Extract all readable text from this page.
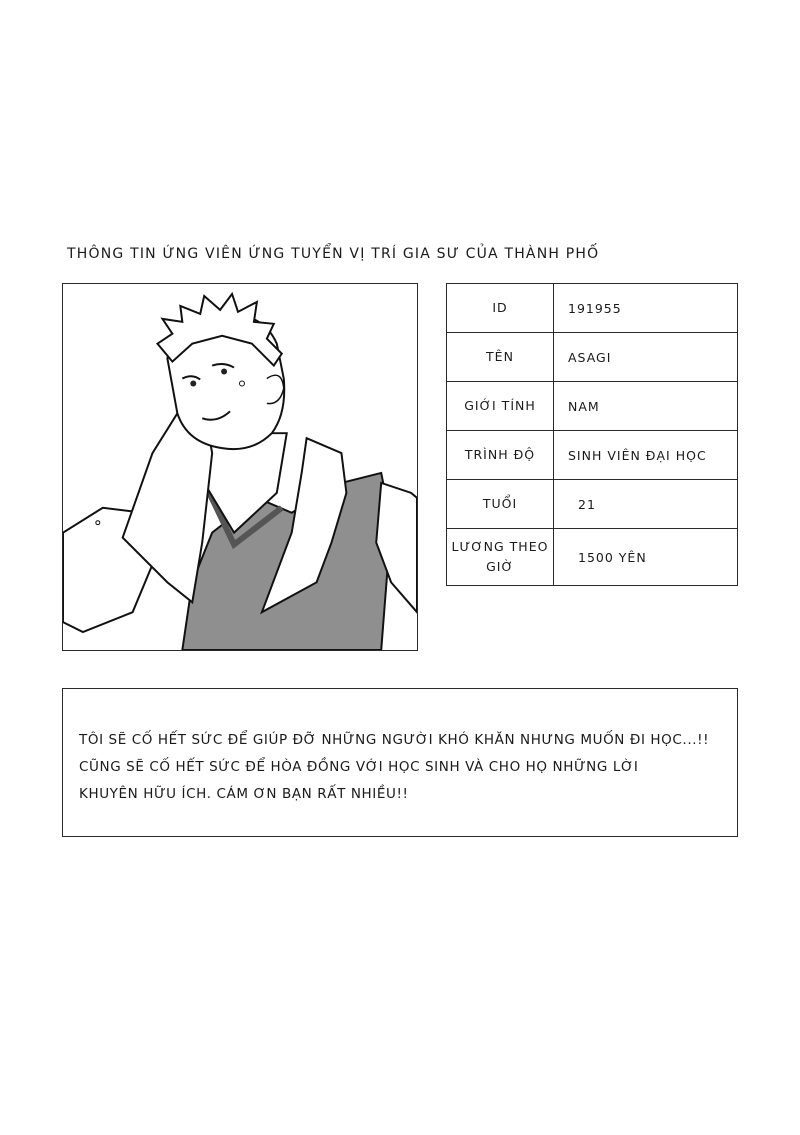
THÔNG TIN ỨNG VIÊN ỨNG TUYỂN VỊ TRÍ GIA SƯ CỦA THÀNH PHỐ
ID	191955
TÊN	ASAGI
GIỚI TÍNH	NAM
TRÌNH ĐỘ	SINH VIÊN ĐẠI HỌC
TUỔI	21
LƯƠNG THEO GIỜ	1500 YÊN
TÔI SẼ CỐ HẾT SỨC ĐỂ GIÚP ĐỠ NHỮNG NGƯỜI KHÓ KHĂN NHƯNG MUỐN ĐI HỌC...!!
CŨNG SẼ CỐ HẾT SỨC ĐỂ HÒA ĐỒNG VỚI HỌC SINH VÀ CHO HỌ NHỮNG LỜI
KHUYÊN HỮU ÍCH. CÁM ƠN BẠN RẤT NHIỀU!!
